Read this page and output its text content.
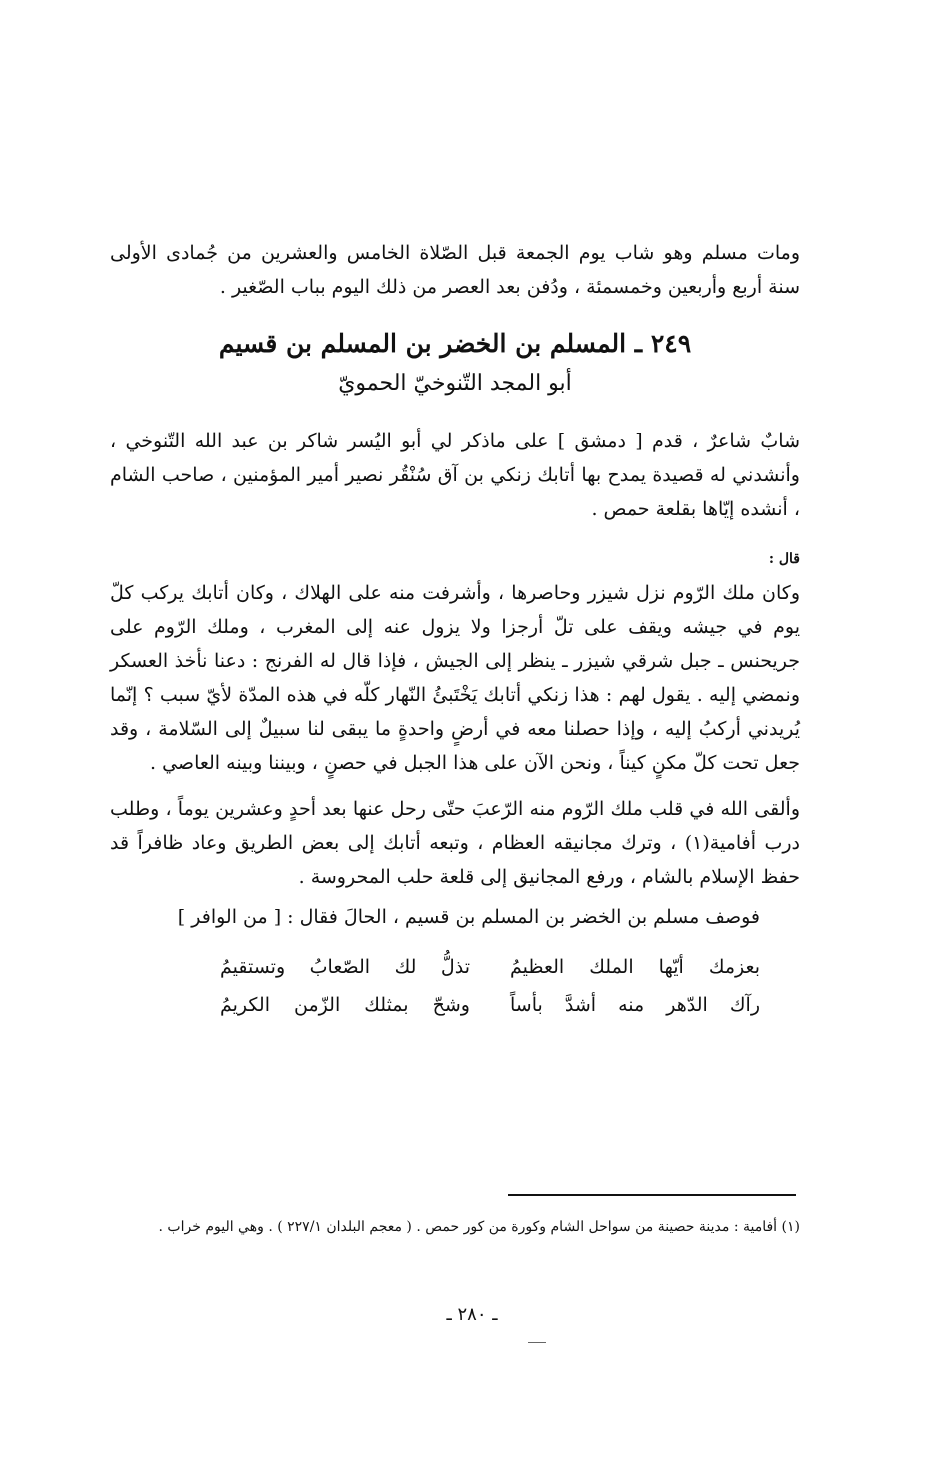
ومات مسلم وهو شاب يوم الجمعة قبل الصّلاة الخامس والعشرين من جُمادى الأولى سنة أربع وأربعين وخمسمئة ، ودُفن بعد العصر من ذلك اليوم بباب الصّغير .

٢٤٩ ـ المسلم بن الخضر بن المسلم بن قسيم
أبو المجد التّنوخيّ الحمويّ

شابٌ شاعرٌ ، قدم [ دمشق ] على ماذكر لي أبو اليُسر شاكر بن عبد الله التّنوخي ، وأنشدني له قصيدة يمدح بها أتابك زنكي بن آق سُنْقُر نصير أمير المؤمنين ، صاحب الشام ، أنشده إيّاها بقلعة حمص .

قال :

وكان ملك الرّوم نزل شيزر وحاصرها ، وأشرفت منه على الهلاك ، وكان أتابك يركب كلّ يوم في جيشه ويقف على تلّ أرجزا ولا يزول عنه إلى المغرب ، وملك الرّوم على جريحنس ـ جبل شرقي شيزر ـ ينظر إلى الجيش ، فإذا قال له الفرنج : دعنا نأخذ العسكر ونمضي إليه . يقول لهم : هذا زنكي أتابك يَخْتَبئُ النّهار كلّه في هذه المدّة لأيّ سبب ؟ إنّما يُريدني أركبُ إليه ، وإذا حصلنا معه في أرضٍ واحدةٍ ما يبقى لنا سبيلٌ إلى السّلامة ، وقد جعل تحت كلّ مكنٍ كيناً ، ونحن الآن على هذا الجبل في حصنٍ ، وبيننا وبينه العاصي .

وألقى الله في قلب ملك الرّوم منه الرّعبَ حتّى رحل عنها بعد أحدٍ وعشرين يوماً ، وطلب درب أفامية(١) ، وترك مجانيقه العظام ، وتبعه أتابك إلى بعض الطريق وعاد ظافراً قد حفظ الإسلام بالشام ، ورفع المجانيق إلى قلعة حلب المحروسة .

فوصف مسلم بن الخضر بن المسلم بن قسيم ، الحالَ فقال : [ من الوافر ]

بعزمك أيّها الملك العظيمُ
تذلُّ لك الصّعابُ وتستقيمُ
رآك الدّهر منه أشدَّ بأساً
وشحّ بمثلك الزّمن الكريمُ

(١) أفامية : مدينة حصينة من سواحل الشام وكورة من كور حمص . ( معجم البلدان ٢٢٧/١ ) . وهي اليوم خراب .

ـ ٢٨٠ ـ
